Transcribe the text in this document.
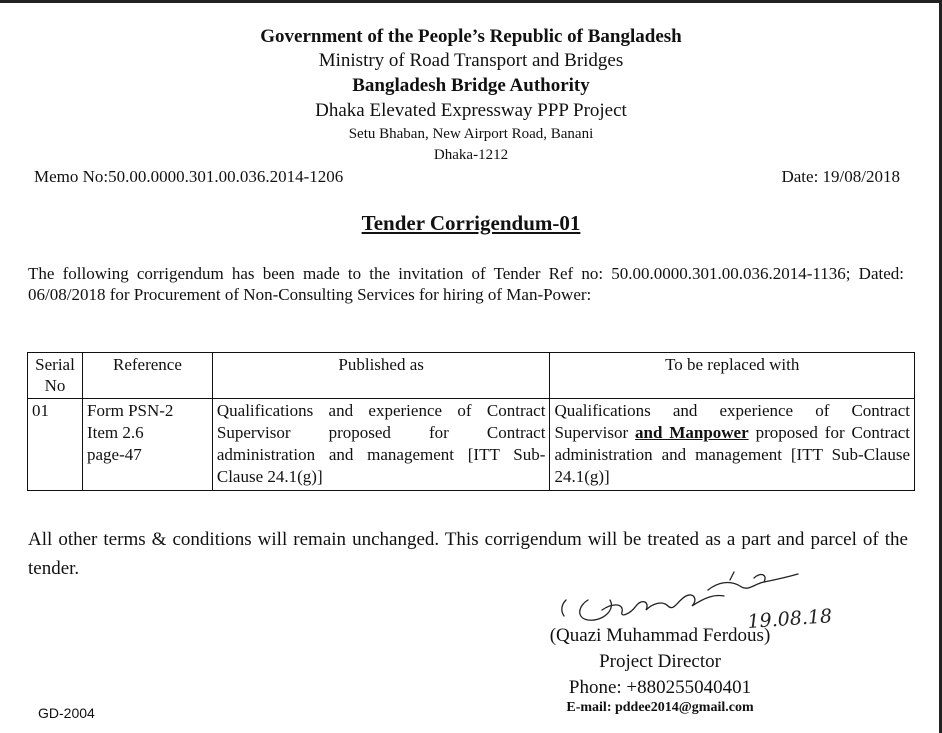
Government of the People’s Republic of Bangladesh
Ministry of Road Transport and Bridges
Bangladesh Bridge Authority
Dhaka Elevated Expressway PPP Project
Setu Bhaban, New Airport Road, Banani
Dhaka-1212
Memo No:50.00.0000.301.00.036.2014-1206	Date: 19/08/2018
Tender Corrigendum-01
The following corrigendum has been made to the invitation of Tender Ref no: 50.00.0000.301.00.036.2014-1136; Dated: 06/08/2018 for Procurement of Non-Consulting Services for hiring of Man-Power:
Serial No	Reference	Published as	To be replaced with
01	Form PSN-2
Item 2.6
page-47	Qualifications and experience of Contract Supervisor proposed for Contract administration and management [ITT Sub-Clause 24.1(g)]	Qualifications and experience of Contract Supervisor and Manpower proposed for Contract administration and management [ITT Sub-Clause 24.1(g)]
All other terms & conditions will remain unchanged. This corrigendum will be treated as a part and parcel of the tender.
19.08.18
(Quazi Muhammad Ferdous)
Project Director
Phone: +880255040401
E-mail: pddee2014@gmail.com
GD-2004
